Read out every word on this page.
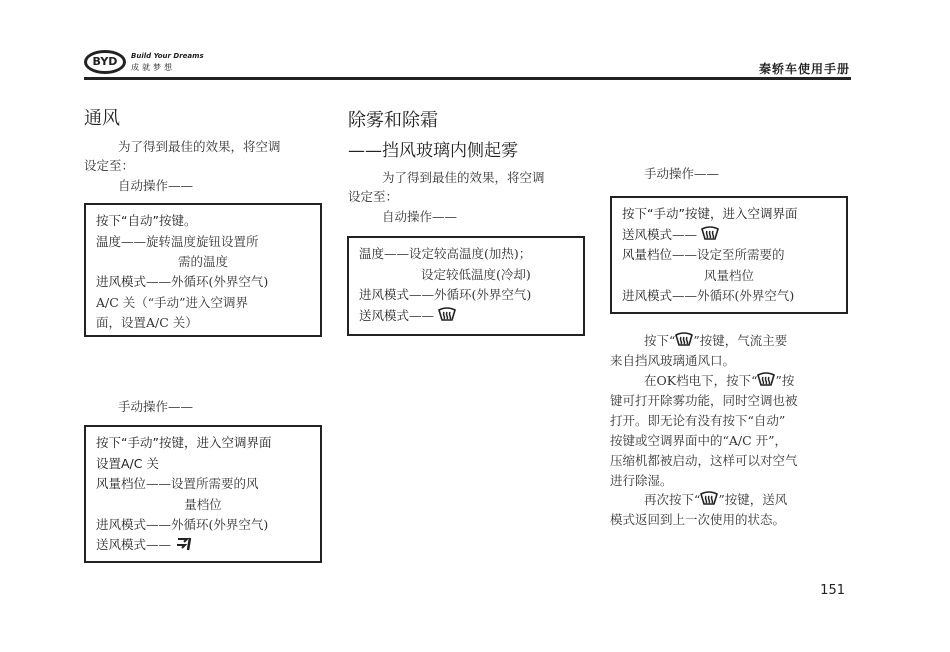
BYD	Build Your Dreams
成就梦想	秦轿车使用手册
通风
为了得到最佳的效果，将空调
设定至：
自动操作——
按下“自动”按键。
温度——旋转温度旋钮设置所
需的温度
进风模式——外循环(外界空气)
A/C 关（“手动”进入空调界
面，设置A/C 关）
手动操作——
按下“手动”按键，进入空调界面
设置A/C 关
风量档位——设置所需要的风
量档位
进风模式——外循环(外界空气)
送风模式——
除雾和除霜
——挡风玻璃内侧起雾
为了得到最佳的效果，将空调
设定至：
自动操作——
温度——设定较高温度(加热)；
设定较低温度(冷却)
进风模式——外循环(外界空气)
送风模式——
手动操作——
按下“手动”按键，进入空调界面
送风模式——
风量档位——设定至所需要的
风量档位
进风模式——外循环(外界空气)
按下“ ”按键，气流主要
来自挡风玻璃通风口。
在OK档电下，按下“ ”按
键可打开除雾功能，同时空调也被
打开。即无论有没有按下“自动”
按键或空调界面中的“A/C 开”，
压缩机都被启动，这样可以对空气
进行除湿。
再次按下“ ”按键，送风
模式返回到上一次使用的状态。
151
